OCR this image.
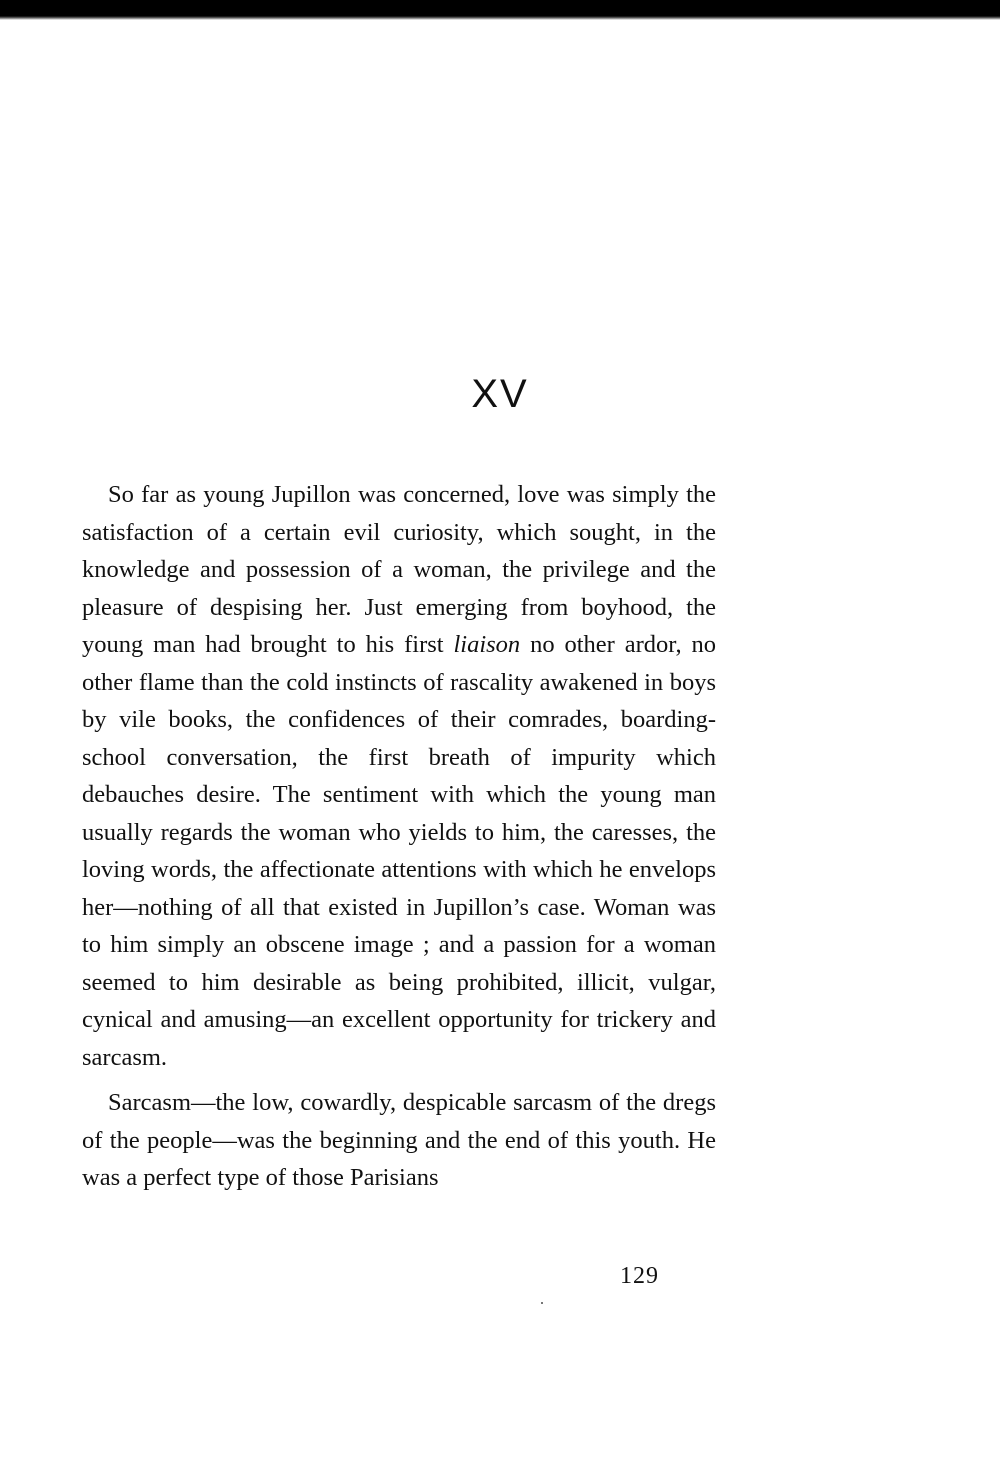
XV

So far as young Jupillon was concerned, love was simply the satisfaction of a certain evil curiosity, which sought, in the knowledge and possession of a woman, the privilege and the pleasure of despising her. Just emerging from boyhood, the young man had brought to his first liaison no other ardor, no other flame than the cold instincts of rascality awakened in boys by vile books, the confidences of their comrades, boarding-school conversation, the first breath of impurity which debauches desire. The sentiment with which the young man usually regards the woman who yields to him, the caresses, the loving words, the affectionate attentions with which he envelops her—nothing of all that existed in Jupillon’s case. Woman was to him simply an obscene image ; and a passion for a woman seemed to him desirable as being prohibited, illicit, vulgar, cynical and amusing—an excellent opportunity for trickery and sarcasm.

Sarcasm—the low, cowardly, despicable sarcasm of the dregs of the people—was the beginning and the end of this youth. He was a perfect type of those Parisians

129
